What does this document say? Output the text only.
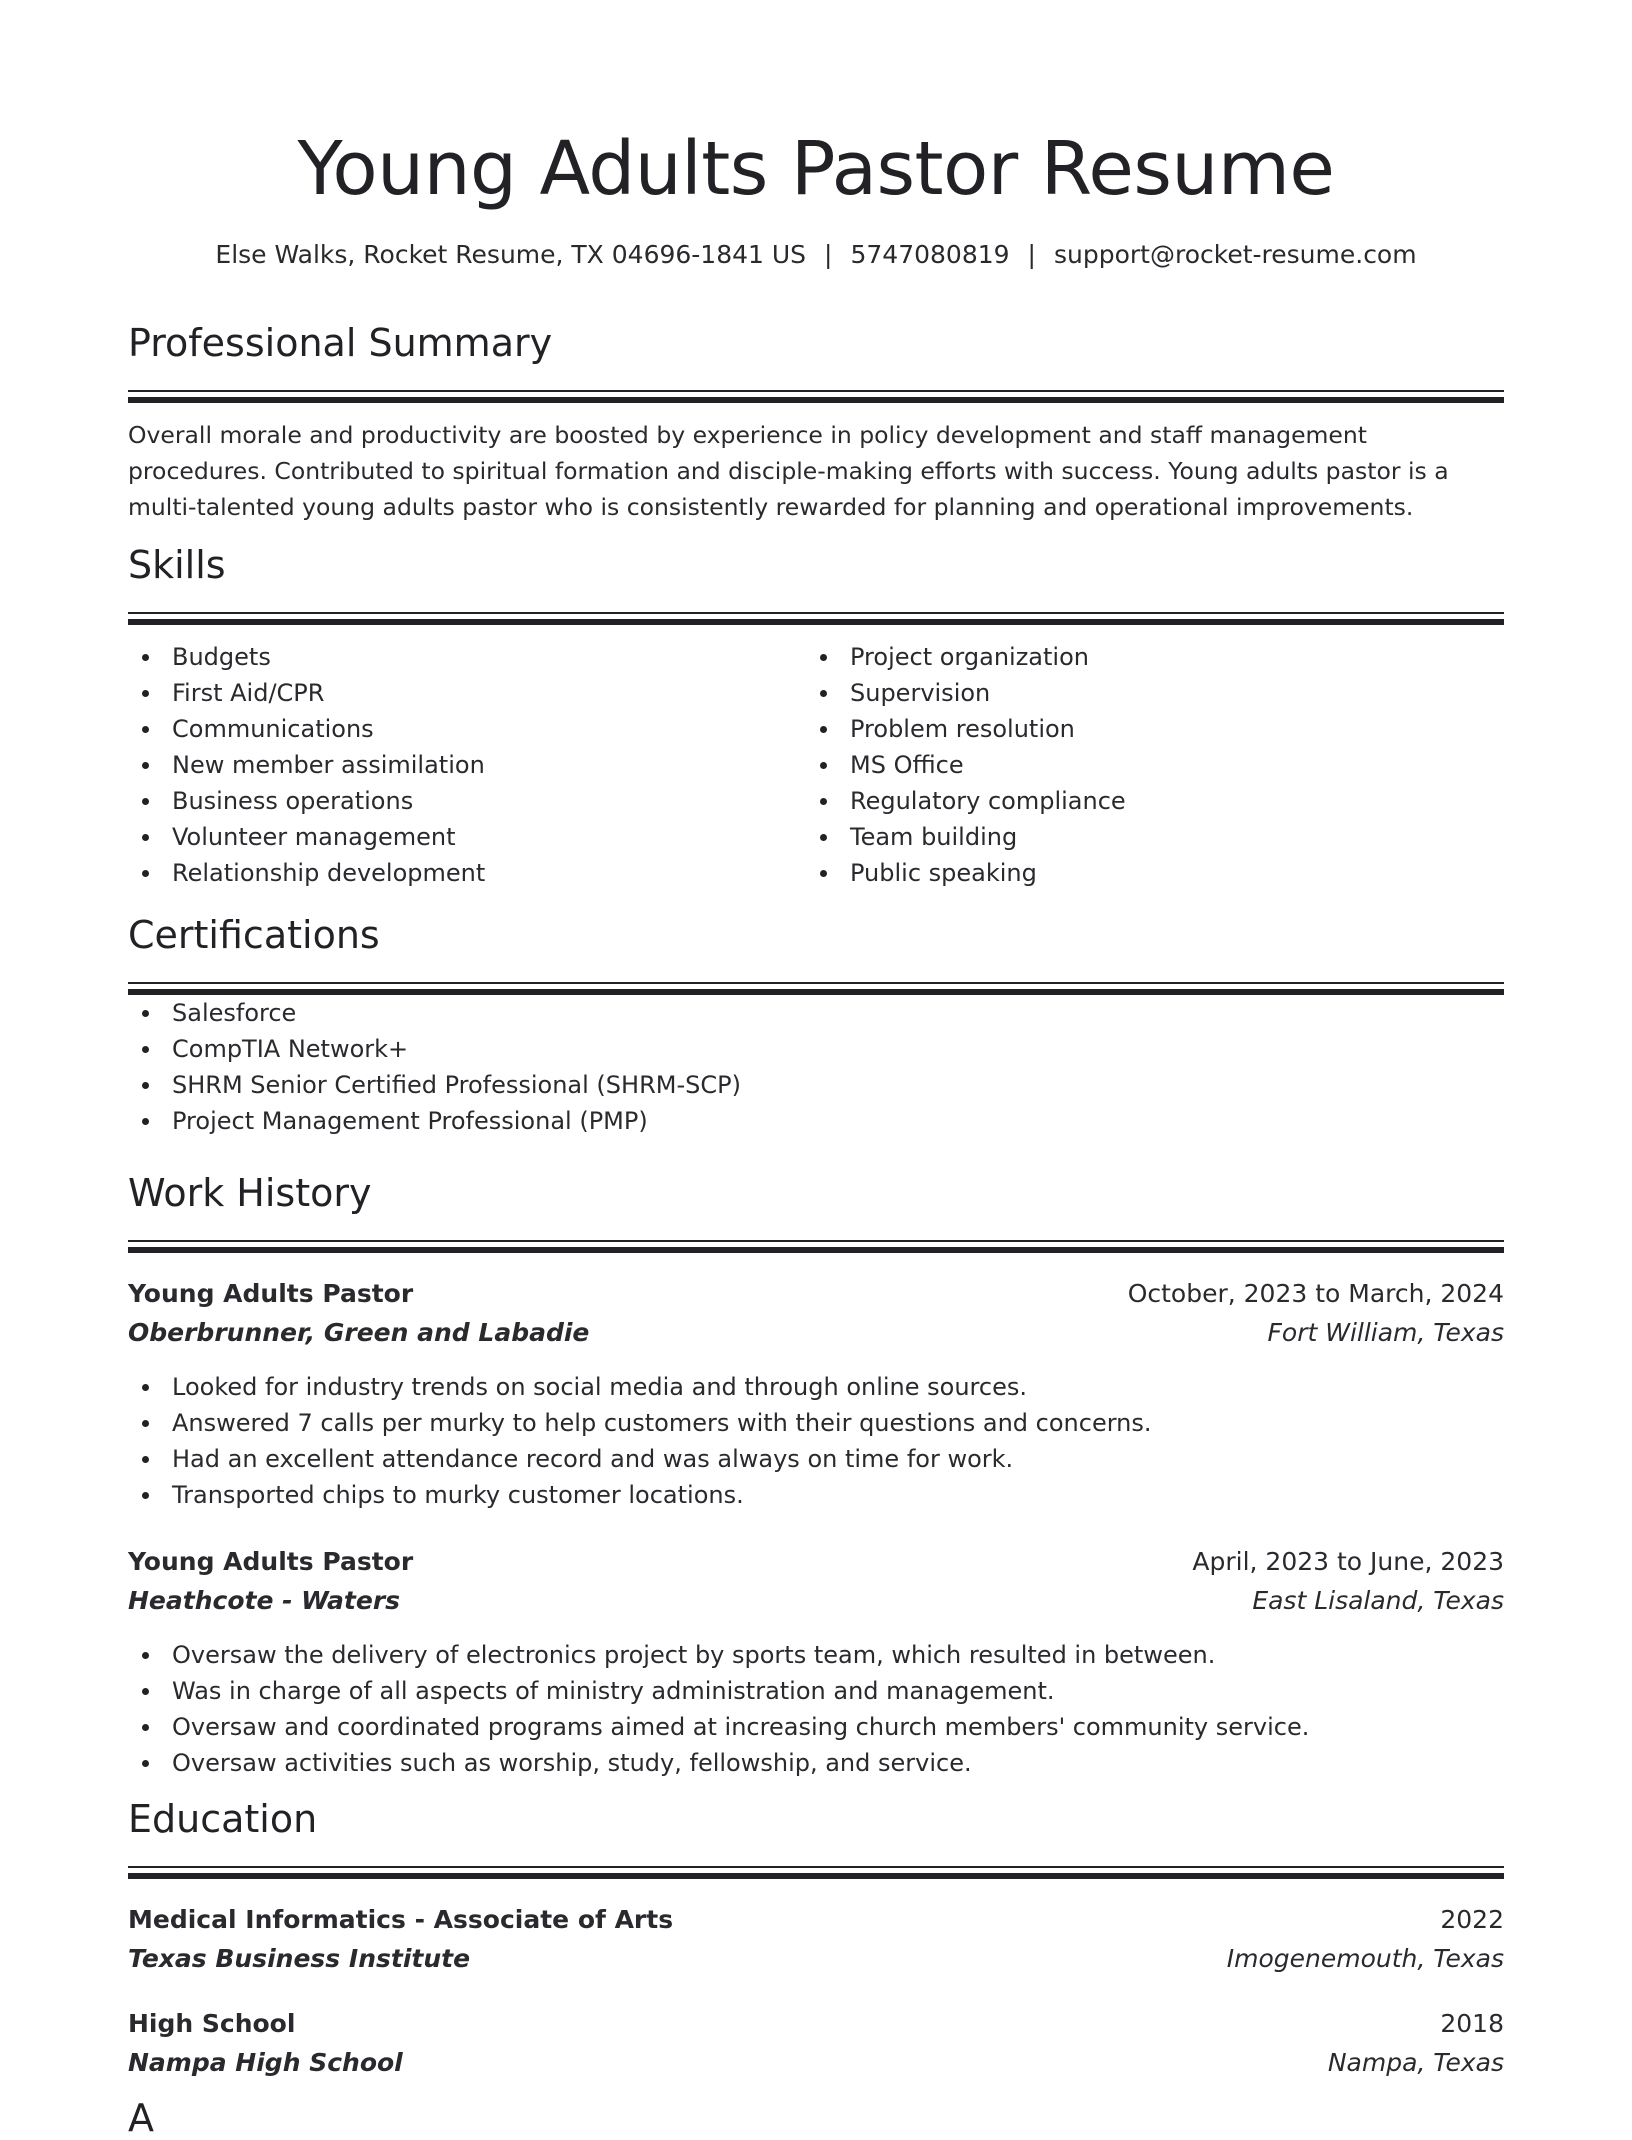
Young Adults Pastor Resume
Else Walks, Rocket Resume, TX 04696-1841 US | 5747080819 | support@rocket-resume.com
Professional Summary

Overall morale and productivity are boosted by experience in policy development and staff management procedures. Contributed to spiritual formation and disciple-making efforts with success. Young adults pastor is a multi-talented young adults pastor who is consistently rewarded for planning and operational improvements.

Skills
Budgets
First Aid/CPR
Communications
New member assimilation
Business operations
Volunteer management
Relationship development
Project organization
Supervision
Problem resolution
MS Office
Regulatory compliance
Team building
Public speaking
Certifications
Salesforce
CompTIA Network+
SHRM Senior Certified Professional (SHRM-SCP)
Project Management Professional (PMP)
Work History
Young Adults Pastor	October, 2023 to March, 2024
Oberbrunner, Green and Labadie	Fort William, Texas
Looked for industry trends on social media and through online sources.
Answered 7 calls per murky to help customers with their questions and concerns.
Had an excellent attendance record and was always on time for work.
Transported chips to murky customer locations.
Young Adults Pastor	April, 2023 to June, 2023
Heathcote - Waters	East Lisaland, Texas
Oversaw the delivery of electronics project by sports team, which resulted in between.
Was in charge of all aspects of ministry administration and management.
Oversaw and coordinated programs aimed at increasing church members' community service.
Oversaw activities such as worship, study, fellowship, and service.
Education
Medical Informatics - Associate of Arts	2022
Texas Business Institute	Imogenemouth, Texas
High School	2018
Nampa High School	Nampa, Texas
A
